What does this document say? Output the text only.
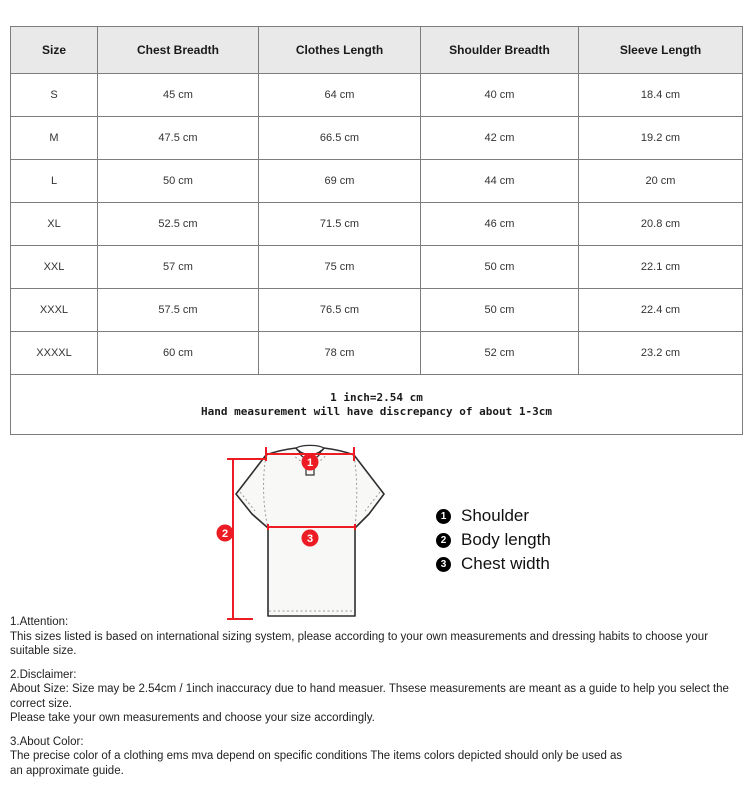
Size	Chest Breadth	Clothes Length	Shoulder Breadth	Sleeve Length
S	45 cm	64 cm	40 cm	18.4 cm
M	47.5 cm	66.5 cm	42 cm	19.2 cm
L	50 cm	69 cm	44 cm	20 cm
XL	52.5 cm	71.5 cm	46 cm	20.8 cm
XXL	57 cm	75 cm	50 cm	22.1 cm
XXXL	57.5 cm	76.5 cm	50 cm	22.4 cm
XXXXL	60 cm	78 cm	52 cm	23.2 cm

1 inch=2.54 cm
Hand measurement will have discrepancy of about 1-3cm				
1
2	3
1 Shoulder
2 Body length
3 Chest width
1.Attention:
This sizes listed is based on international sizing system, please according to your own measurements and dressing habits to choose your suitable size.
2.Disclaimer:
About Size: Size may be 2.54cm / 1inch inaccuracy due to hand measuer. Thsese measurements are meant as a guide to help you select the correct size.
Please take your own measurements and choose your size accordingly.
3.About Color:
The precise color of a clothing ems mva depend on specific conditions The items colors depicted should only be used as
an approximate guide.
